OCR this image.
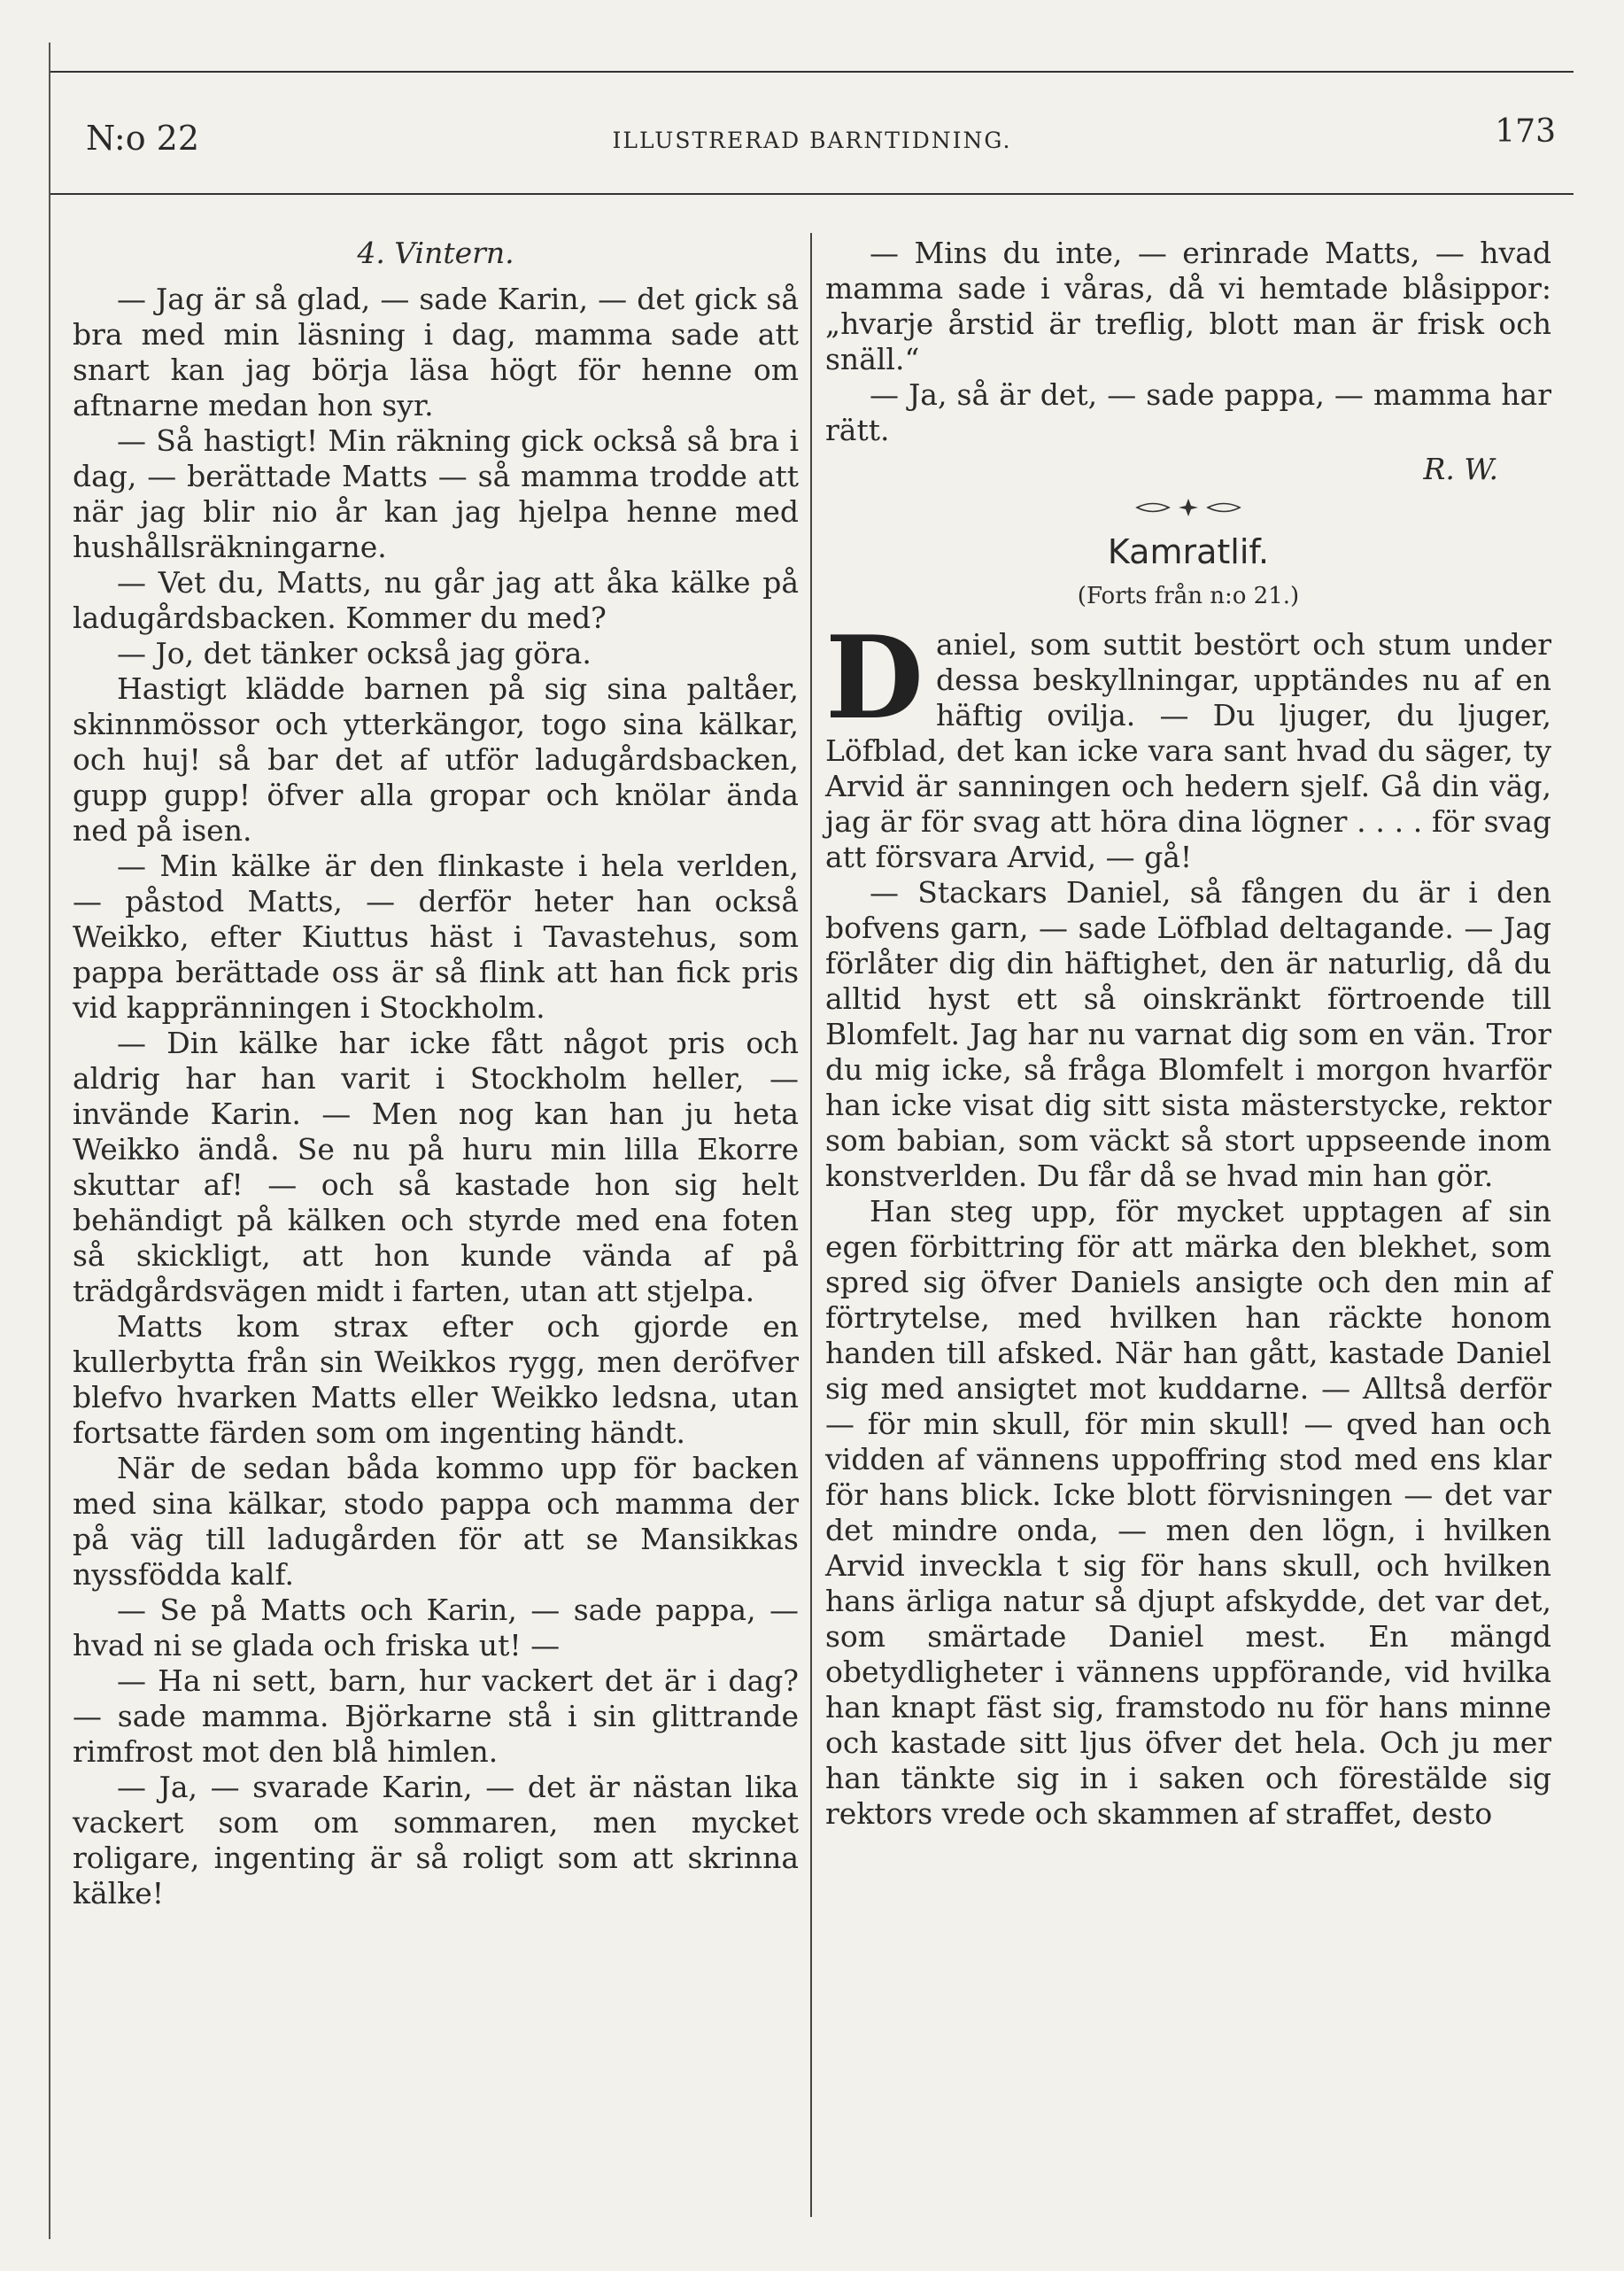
N:o 22	ILLUSTRERAD BARNTIDNING.	173
4. Vintern.

— Jag är så glad, — sade Karin, — det gick så bra med min läsning i dag, mamma sade att snart kan jag börja läsa högt för henne om aftnarne medan hon syr.

— Så hastigt! Min räkning gick också så bra i dag, — berättade Matts — så mamma trodde att när jag blir nio år kan jag hjelpa henne med hushållsräkningarne.

— Vet du, Matts, nu går jag att åka kälke på ladugårdsbacken. Kommer du med?

— Jo, det tänker också jag göra.

Hastigt klädde barnen på sig sina paltåer, skinnmössor och ytterkängor, togo sina kälkar, och huj! så bar det af utför ladugårdsbacken, gupp gupp! öfver alla gropar och knölar ända ned på isen.

— Min kälke är den flinkaste i hela verlden, — påstod Matts, — derför heter han också Weikko, efter Kiuttus häst i Tavastehus, som pappa berättade oss är så flink att han fick pris vid kappränningen i Stockholm.

— Din kälke har icke fått något pris och aldrig har han varit i Stockholm heller, — invände Karin. — Men nog kan han ju heta Weikko ändå. Se nu på huru min lilla Ekorre skuttar af! — och så kastade hon sig helt behändigt på kälken och styrde med ena foten så skickligt, att hon kunde vända af på trädgårdsvägen midt i farten, utan att stjelpa.

Matts kom strax efter och gjorde en kullerbytta från sin Weikkos rygg, men deröfver blefvo hvarken Matts eller Weikko ledsna, utan fortsatte färden som om ingenting händt.

När de sedan båda kommo upp för backen med sina kälkar, stodo pappa och mamma der på väg till ladugården för att se Mansikkas nyssfödda kalf.

— Se på Matts och Karin, — sade pappa, — hvad ni se glada och friska ut! —

— Ha ni sett, barn, hur vackert det är i dag? — sade mamma. Björkarne stå i sin glittrande rimfrost mot den blå himlen.

— Ja, — svarade Karin, — det är nästan lika vackert som om sommaren, men mycket roligare, ingenting är så roligt som att skrinna kälke!

— Mins du inte, — erinrade Matts, — hvad mamma sade i våras, då vi hemtade blåsippor: „hvarje årstid är treflig, blott man är frisk och snäll.“

— Ja, så är det, — sade pappa, — mamma har rätt.

R. W.
Kamratlif.
(Forts från n:o 21.)

Daniel, som suttit bestört och stum under dessa beskyllningar, upptändes nu af en häftig ovilja. — Du ljuger, du ljuger, Löfblad, det kan icke vara sant hvad du säger, ty Arvid är sanningen och hedern sjelf. Gå din väg, jag är för svag att höra dina lögner . . . . för svag att försvara Arvid, — gå!

— Stackars Daniel, så fången du är i den bofvens garn, — sade Löfblad deltagande. — Jag förlåter dig din häftighet, den är naturlig, då du alltid hyst ett så oinskränkt förtroende till Blomfelt. Jag har nu varnat dig som en vän. Tror du mig icke, så fråga Blomfelt i morgon hvarför han icke visat dig sitt sista mästerstycke, rektor som babian, som väckt så stort uppseende inom konstverlden. Du får då se hvad min han gör.

Han steg upp, för mycket upptagen af sin egen förbittring för att märka den blekhet, som spred sig öfver Daniels ansigte och den min af förtrytelse, med hvilken han räckte honom handen till afsked. När han gått, kastade Daniel sig med ansigtet mot kuddarne. — Alltså derför — för min skull, för min skull! — qved han och vidden af vännens uppoffring stod med ens klar för hans blick. Icke blott förvisningen — det var det mindre onda, — men den lögn, i hvilken Arvid inveckla t sig för hans skull, och hvilken hans ärliga natur så djupt afskydde, det var det, som smärtade Daniel mest. En mängd obetydligheter i vännens uppförande, vid hvilka han knapt fäst sig, framstodo nu för hans minne och kastade sitt ljus öfver det hela. Och ju mer han tänkte sig in i saken och förestälde sig rektors vrede och skammen af straffet, desto
